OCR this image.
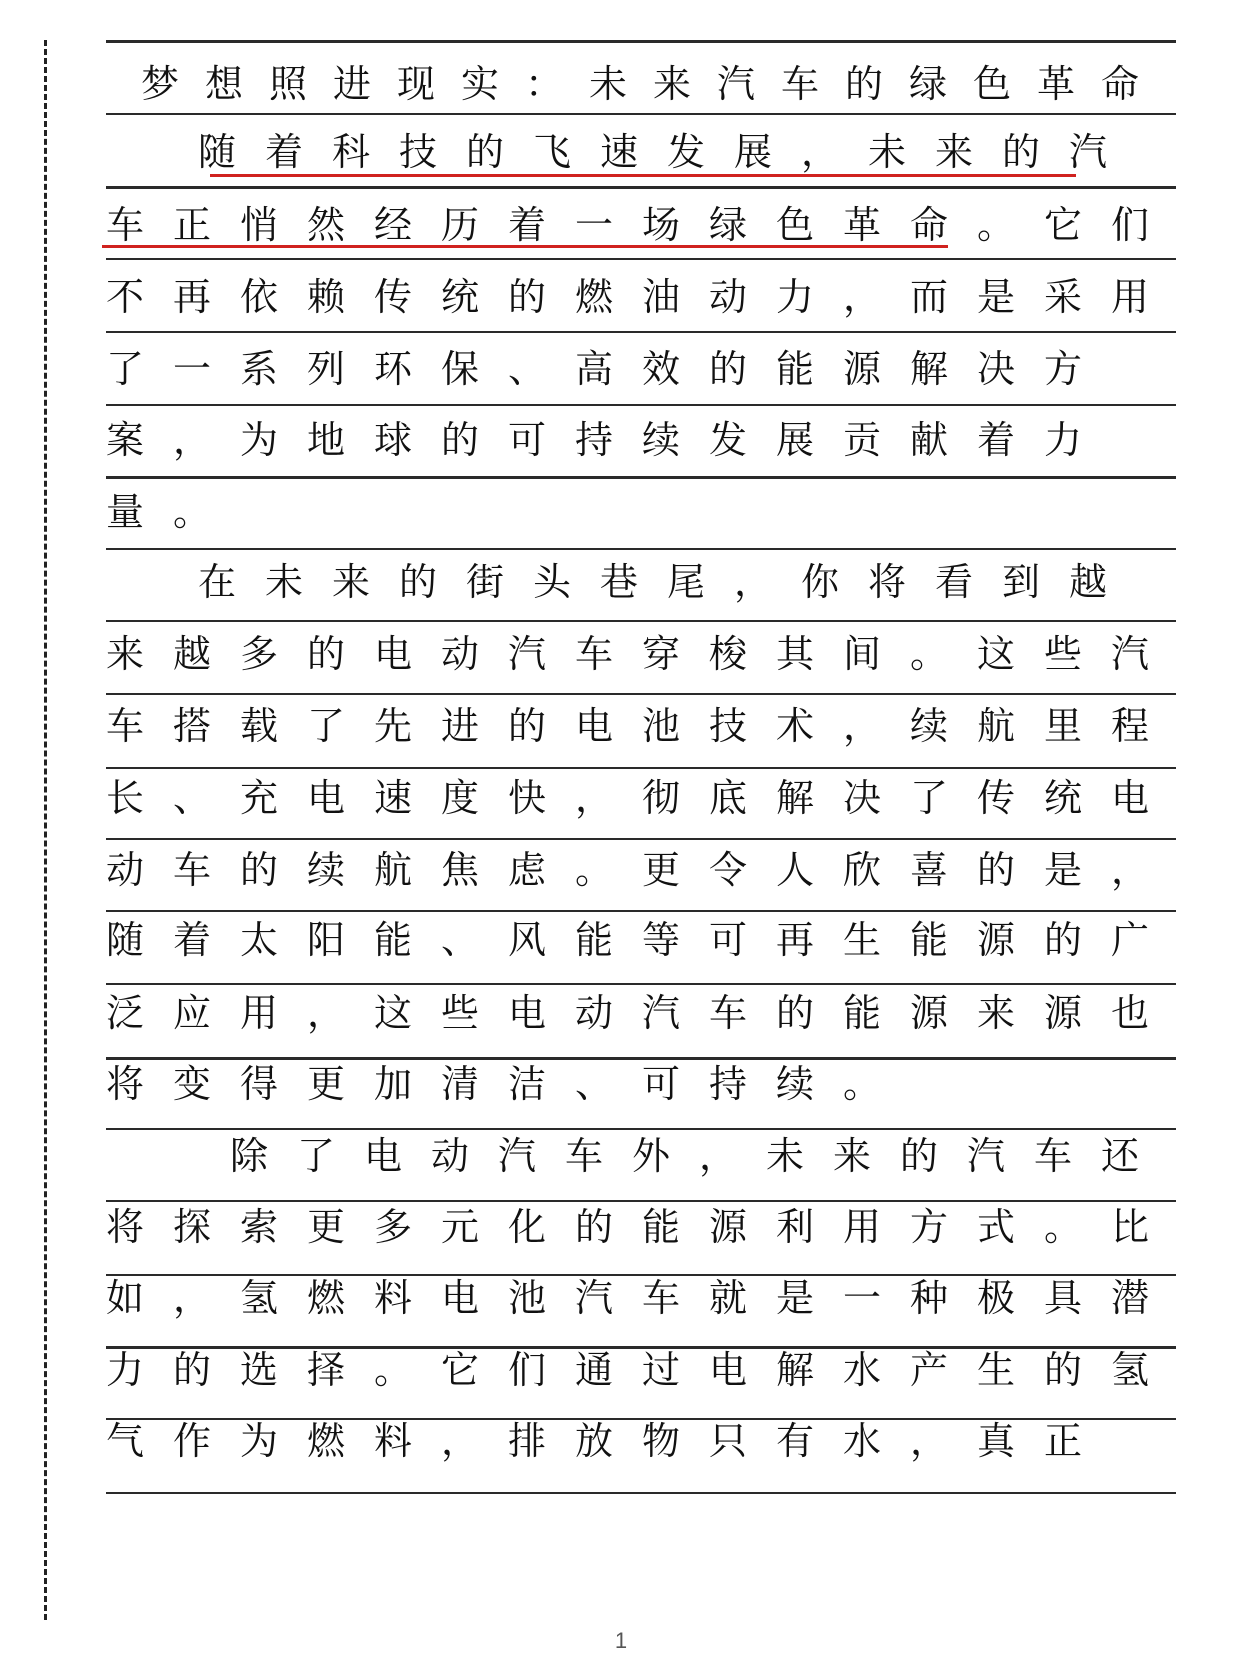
梦想照进现实：未来汽车的绿色革命
随着科技的飞速发展，未来的汽
车正悄然经历着一场绿色革命。它们
不再依赖传统的燃油动力，而是采用
了一系列环保、高效的能源解决方
案，为地球的可持续发展贡献着力
量。
在未来的街头巷尾，你将看到越
来越多的电动汽车穿梭其间。这些汽
车搭载了先进的电池技术，续航里程
长、充电速度快，彻底解决了传统电
动车的续航焦虑。更令人欣喜的是，
随着太阳能、风能等可再生能源的广
泛应用，这些电动汽车的能源来源也
将变得更加清洁、可持续。
除了电动汽车外，未来的汽车还
将探索更多元化的能源利用方式。比
如，氢燃料电池汽车就是一种极具潜
力的选择。它们通过电解水产生的氢
气作为燃料，排放物只有水，真正
1
